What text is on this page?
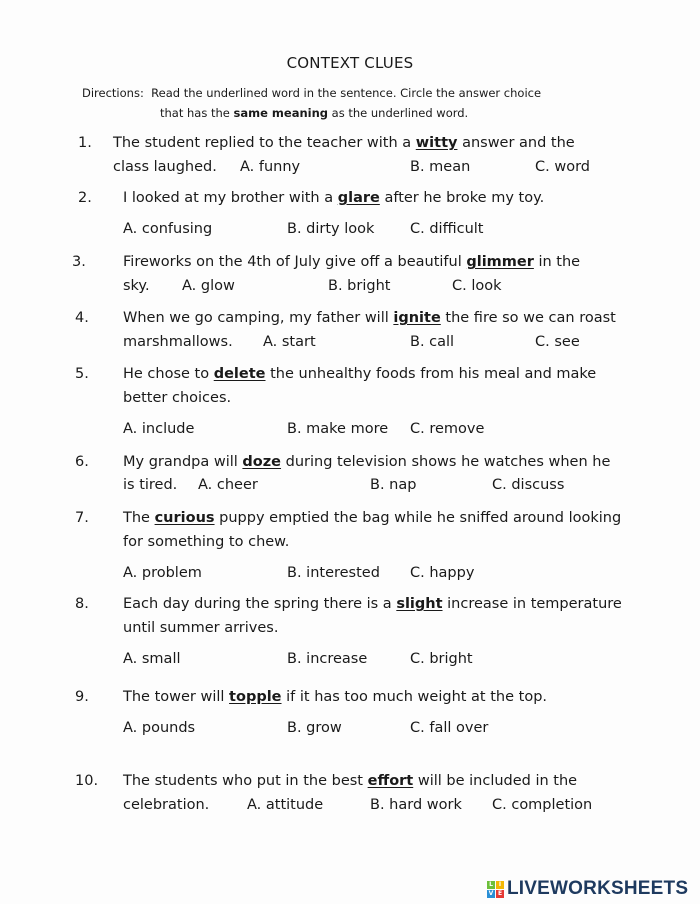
CONTEXT CLUES
Directions: Read the underlined word in the sentence. Circle the answer choice
that has the same meaning as the underlined word.
1. The student replied to the teacher with a witty answer and the
class laughed. A. funny	B. mean	C. word
2. I looked at my brother with a glare after he broke my toy.
A. confusing	B. dirty look C. difficult
3.	Fireworks on the 4th of July give off a beautiful glimmer in the
sky. A. glow	B. bright	C. look
4. When we go camping, my father will ignite the fire so we can roast
marshmallows. A. start	B. call	C. see
5. He chose to delete the unhealthy foods from his meal and make
better choices.
A. include	B. make more C. remove
6. My grandpa will doze during television shows he watches when he
is tired. A. cheer	B. nap	C. discuss
7. The curious puppy emptied the bag while he sniffed around looking
for something to chew.
A. problem	B. interested C. happy
8. Each day during the spring there is a slight increase in temperature
until summer arrives.
A. small	B. increase	C. bright
9. The tower will topple if it has too much weight at the top.
A. pounds	B. grow	C. fall over
10. The students who put in the best effort will be included in the
celebration.	A. attitude	B. hard work C. completion
L I
V E LIVEWORKSHEETS
